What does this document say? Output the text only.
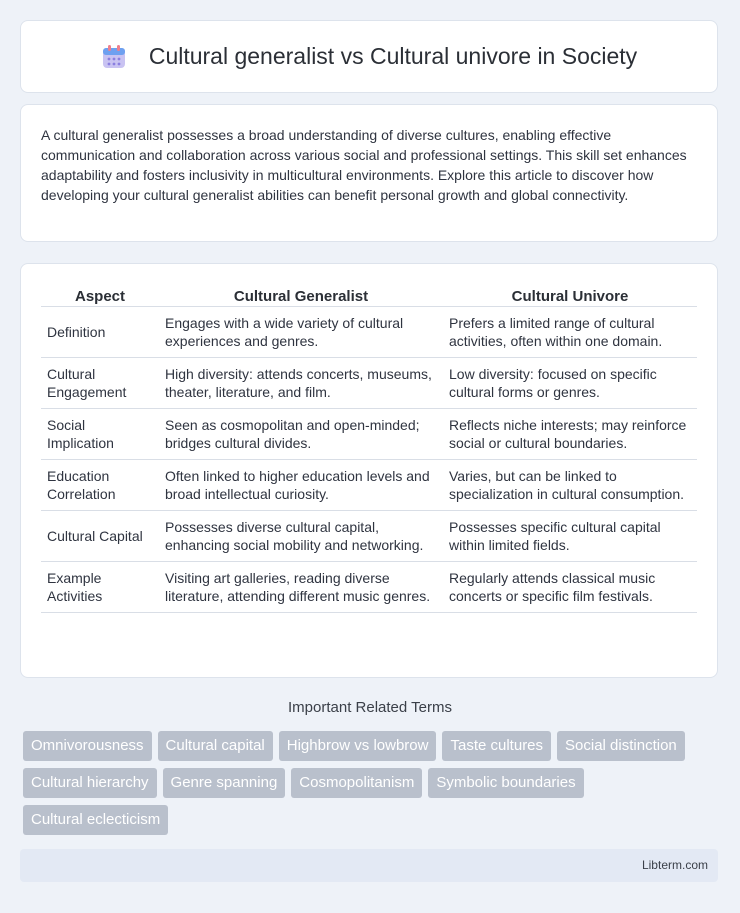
Cultural generalist vs Cultural univore in Society

A cultural generalist possesses a broad understanding of diverse cultures, enabling effective communication and collaboration across various social and professional settings. This skill set enhances adaptability and fosters inclusivity in multicultural environments. Explore this article to discover how developing your cultural generalist abilities can benefit personal growth and global connectivity.

Aspect	Cultural Generalist	Cultural Univore
Definition	Engages with a wide variety of cultural experiences and genres.	Prefers a limited range of cultural activities, often within one domain.
Cultural Engagement	High diversity: attends concerts, museums, theater, literature, and film.	Low diversity: focused on specific cultural forms or genres.
Social Implication	Seen as cosmopolitan and open-minded; bridges cultural divides.	Reflects niche interests; may reinforce social or cultural boundaries.
Education Correlation	Often linked to higher education levels and broad intellectual curiosity.	Varies, but can be linked to specialization in cultural consumption.
Cultural Capital	Possesses diverse cultural capital, enhancing social mobility and networking.	Possesses specific cultural capital within limited fields.
Example Activities	Visiting art galleries, reading diverse literature, attending different music genres.	Regularly attends classical music concerts or specific film festivals.
Important Related Terms
Omnivorousness	Cultural capital	Highbrow vs lowbrow	Taste cultures	Social distinction
Cultural hierarchy	Genre spanning	Cosmopolitanism	Symbolic boundaries
Cultural eclecticism
Libterm.com
